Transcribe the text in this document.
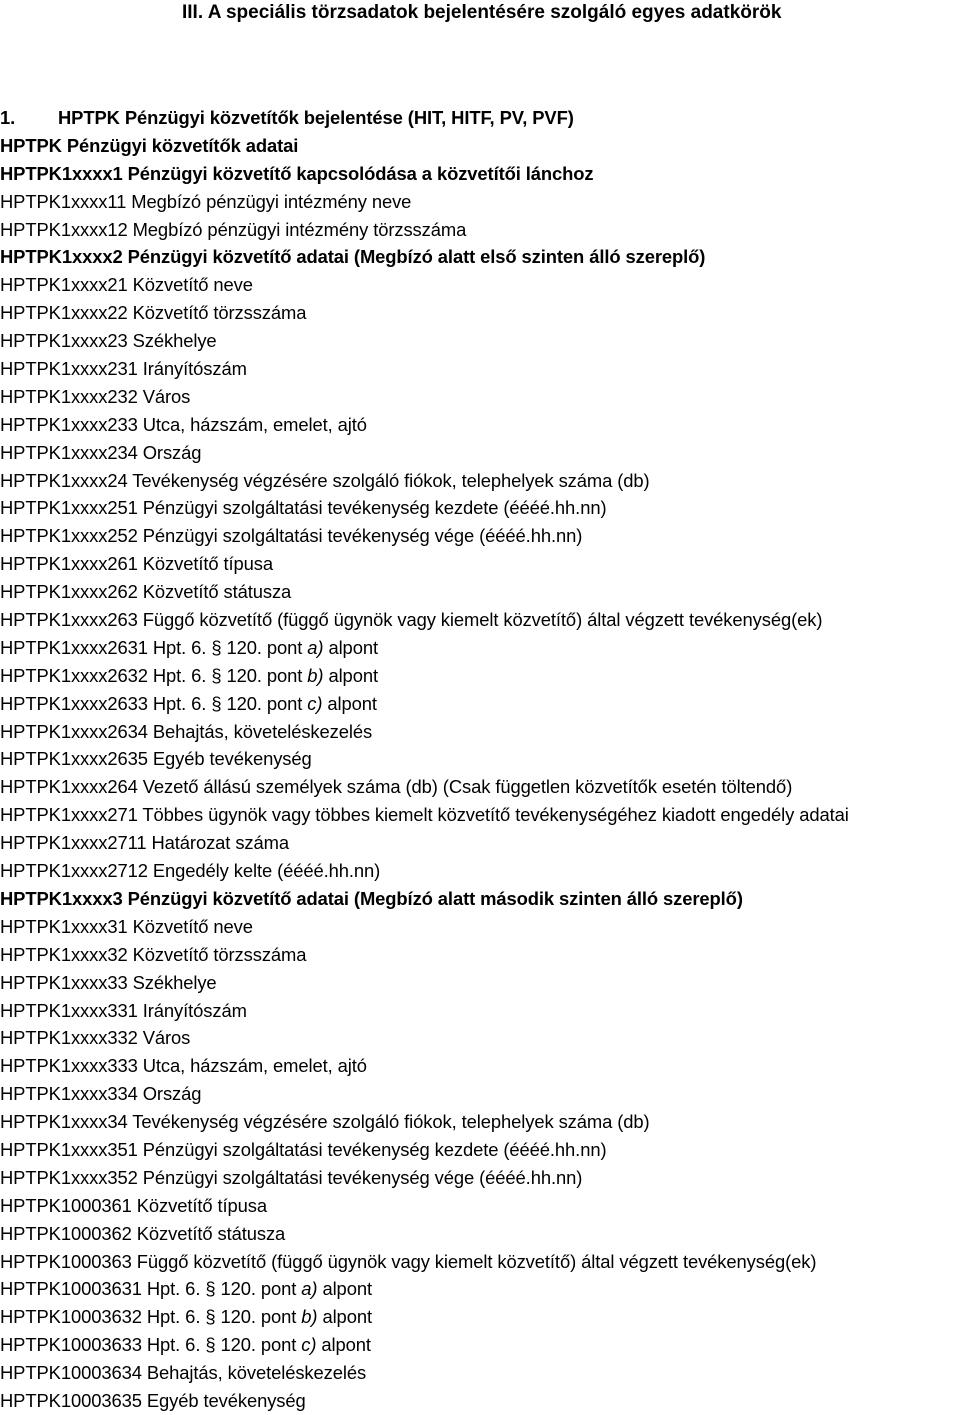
III. A speciális törzsadatok bejelentésére szolgáló egyes adatkörök
1. HPTPK Pénzügyi közvetítők bejelentése (HIT, HITF, PV, PVF)
HPTPK Pénzügyi közvetítők adatai
HPTPK1xxxx1 Pénzügyi közvetítő kapcsolódása a közvetítői lánchoz
HPTPK1xxxx11 Megbízó pénzügyi intézmény neve
HPTPK1xxxx12 Megbízó pénzügyi intézmény törzsszáma
HPTPK1xxxx2 Pénzügyi közvetítő adatai (Megbízó alatt első szinten álló szereplő)
HPTPK1xxxx21 Közvetítő neve
HPTPK1xxxx22 Közvetítő törzsszáma
HPTPK1xxxx23 Székhelye
HPTPK1xxxx231 Irányítószám
HPTPK1xxxx232 Város
HPTPK1xxxx233 Utca, házszám, emelet, ajtó
HPTPK1xxxx234 Ország
HPTPK1xxxx24 Tevékenység végzésére szolgáló fiókok, telephelyek száma (db)
HPTPK1xxxx251 Pénzügyi szolgáltatási tevékenység kezdete (éééé.hh.nn)
HPTPK1xxxx252 Pénzügyi szolgáltatási tevékenység vége (éééé.hh.nn)
HPTPK1xxxx261 Közvetítő típusa
HPTPK1xxxx262 Közvetítő státusza
HPTPK1xxxx263 Függő közvetítő (függő ügynök vagy kiemelt közvetítő) által végzett tevékenység(ek)
HPTPK1xxxx2631 Hpt. 6. § 120. pont a) alpont
HPTPK1xxxx2632 Hpt. 6. § 120. pont b) alpont
HPTPK1xxxx2633 Hpt. 6. § 120. pont c) alpont
HPTPK1xxxx2634 Behajtás, követeléskezelés
HPTPK1xxxx2635 Egyéb tevékenység
HPTPK1xxxx264 Vezető állású személyek száma (db) (Csak független közvetítők esetén töltendő)
HPTPK1xxxx271 Többes ügynök vagy többes kiemelt közvetítő tevékenységéhez kiadott engedély adatai
HPTPK1xxxx2711 Határozat száma
HPTPK1xxxx2712 Engedély kelte (éééé.hh.nn)
HPTPK1xxxx3 Pénzügyi közvetítő adatai (Megbízó alatt második szinten álló szereplő)
HPTPK1xxxx31 Közvetítő neve
HPTPK1xxxx32 Közvetítő törzsszáma
HPTPK1xxxx33 Székhelye
HPTPK1xxxx331 Irányítószám
HPTPK1xxxx332 Város
HPTPK1xxxx333 Utca, házszám, emelet, ajtó
HPTPK1xxxx334 Ország
HPTPK1xxxx34 Tevékenység végzésére szolgáló fiókok, telephelyek száma (db)
HPTPK1xxxx351 Pénzügyi szolgáltatási tevékenység kezdete (éééé.hh.nn)
HPTPK1xxxx352 Pénzügyi szolgáltatási tevékenység vége (éééé.hh.nn)
HPTPK1000361 Közvetítő típusa
HPTPK1000362 Közvetítő státusza
HPTPK1000363 Függő közvetítő (függő ügynök vagy kiemelt közvetítő) által végzett tevékenység(ek)
HPTPK10003631 Hpt. 6. § 120. pont a) alpont
HPTPK10003632 Hpt. 6. § 120. pont b) alpont
HPTPK10003633 Hpt. 6. § 120. pont c) alpont
HPTPK10003634 Behajtás, követeléskezelés
HPTPK10003635 Egyéb tevékenység
